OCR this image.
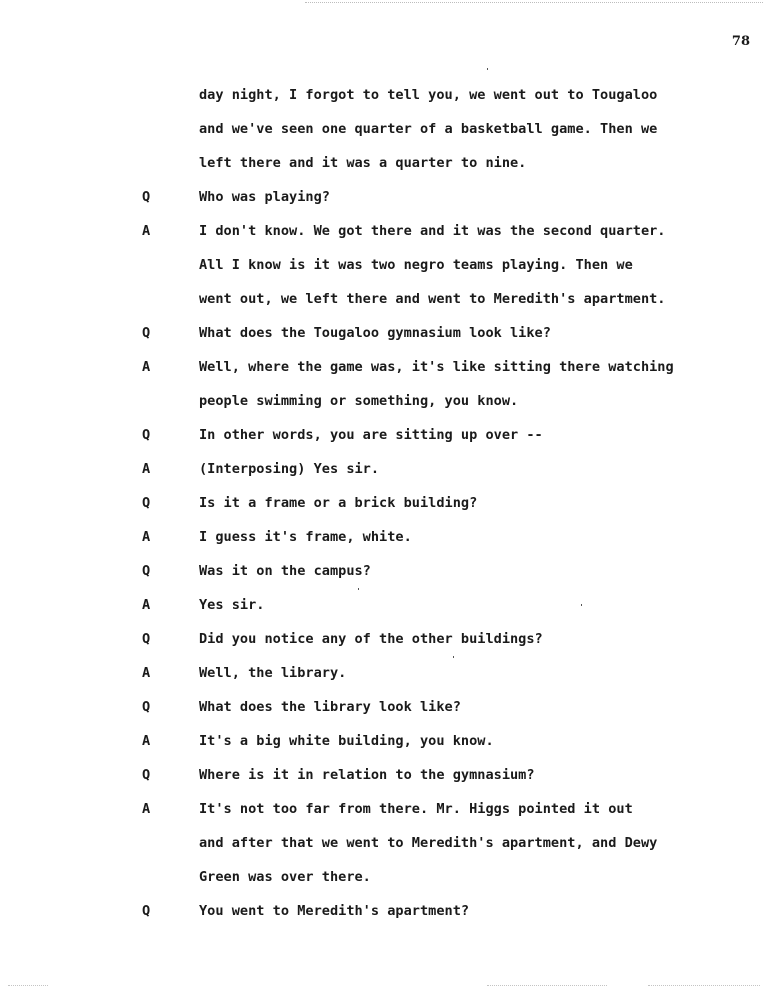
78
day night, I forgot to tell you, we went out to Tougaloo
and we've seen one quarter of a basketball game. Then we
left there and it was a quarter to nine.
Q	Who was playing?
A	I don't know. We got there and it was the second quarter.
All I know is it was two negro teams playing. Then we
went out, we left there and went to Meredith's apartment.
Q	What does the Tougaloo gymnasium look like?
A	Well, where the game was, it's like sitting there watching
people swimming or something, you know.
Q	In other words, you are sitting up over --
A	(Interposing) Yes sir.
Q	Is it a frame or a brick building?
A	I guess it's frame, white.
Q	Was it on the campus?
A	Yes sir.
Q	Did you notice any of the other buildings?
A	Well, the library.
Q	What does the library look like?
A	It's a big white building, you know.
Q	Where is it in relation to the gymnasium?
A	It's not too far from there. Mr. Higgs pointed it out
and after that we went to Meredith's apartment, and Dewy
Green was over there.
Q	You went to Meredith's apartment?
